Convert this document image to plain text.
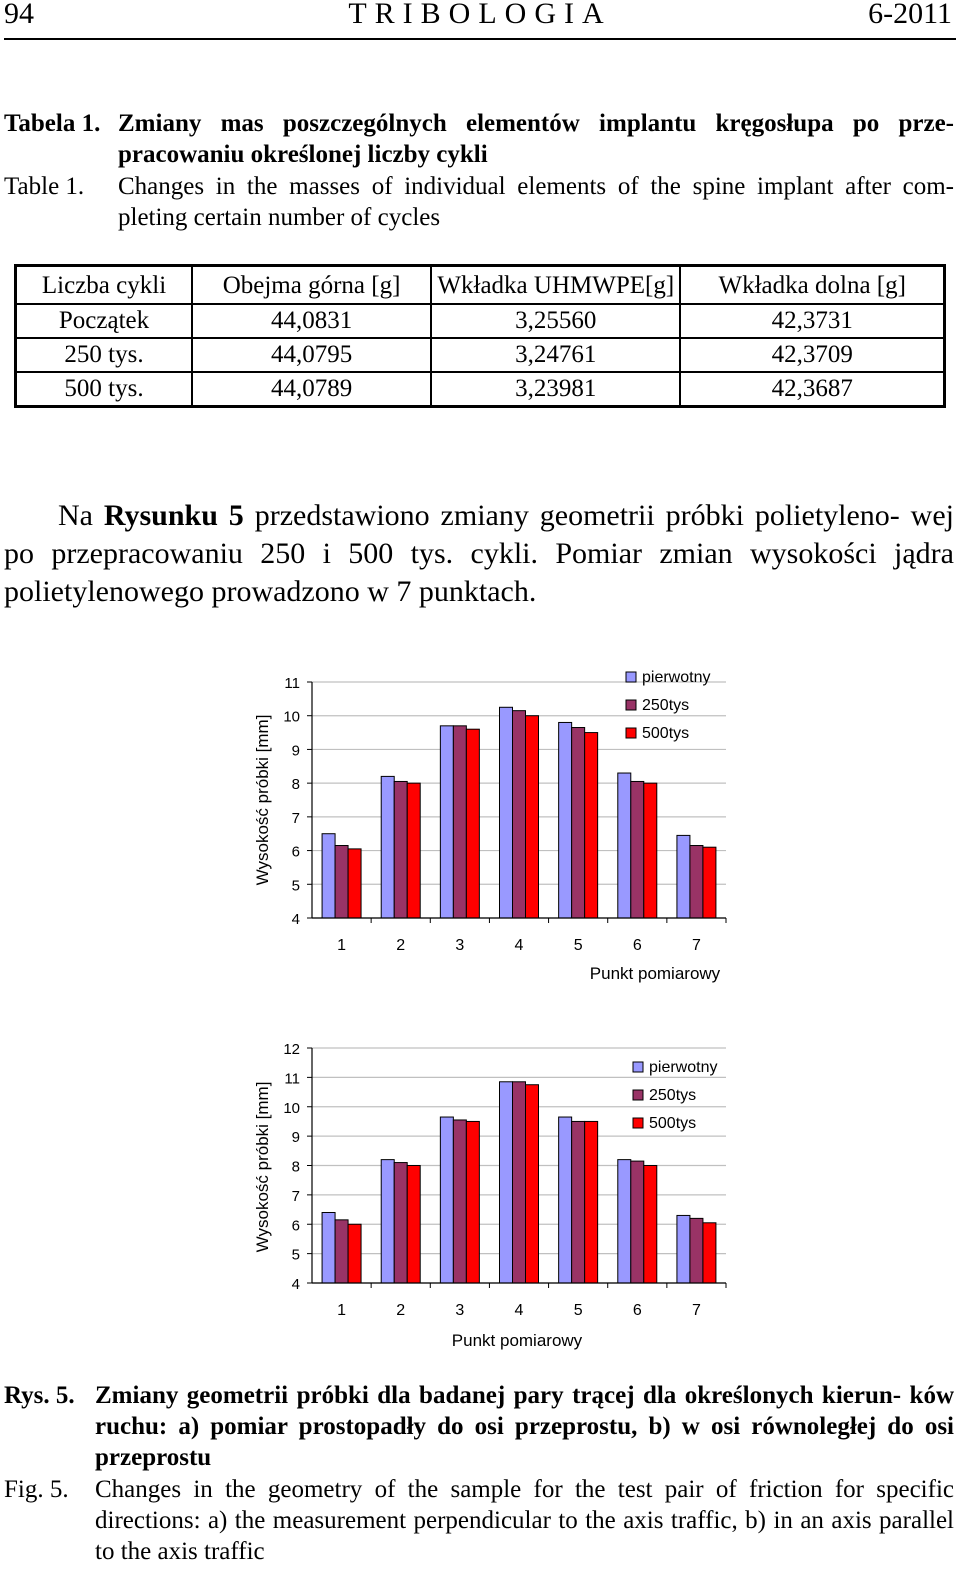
94	TRIBOLOGIA	6-2011
Tabela 1. Zmiany mas poszczególnych elementów implantu kręgosłupa po prze- pracowaniu określonej liczby cykli
Table 1. Changes in the masses of individual elements of the spine implant after com- pleting certain number of cycles
Liczba cykli	Obejma górna [g]	Wkładka UHMWPE[g]	Wkładka dolna [g]
Początek	44,0831	3,25560	42,3731
250 tys.	44,0795	3,24761	42,3709
500 tys.	44,0789	3,23981	42,3687
Na Rysunku 5 przedstawiono zmiany geometrii próbki polietyleno- wej po przepracowaniu 250 i 500 tys. cykli. Pomiar zmian wysokości jądra polietylenowego prowadzono w 7 punktach.
4
5
6
7
8
9
10
11
1	2	3	4	5	6	7
Wysokość próbki [mm]
Punkt pomiarowy
pierwotny
250tys
500tys
4
5
6
7
8
9
10
11
12
1	2	3	4	5	6	7
Wysokość próbki [mm]
Punkt pomiarowy
pierwotny
250tys
500tys
Rys. 5. Zmiany geometrii próbki dla badanej pary trącej dla określonych kierun- ków ruchu: a) pomiar prostopadły do osi przeprostu, b) w osi równoległej do osi przeprostu
Fig. 5. Changes in the geometry of the sample for the test pair of friction for specific directions: a) the measurement perpendicular to the axis traffic, b) in an axis parallel to the axis traffic
